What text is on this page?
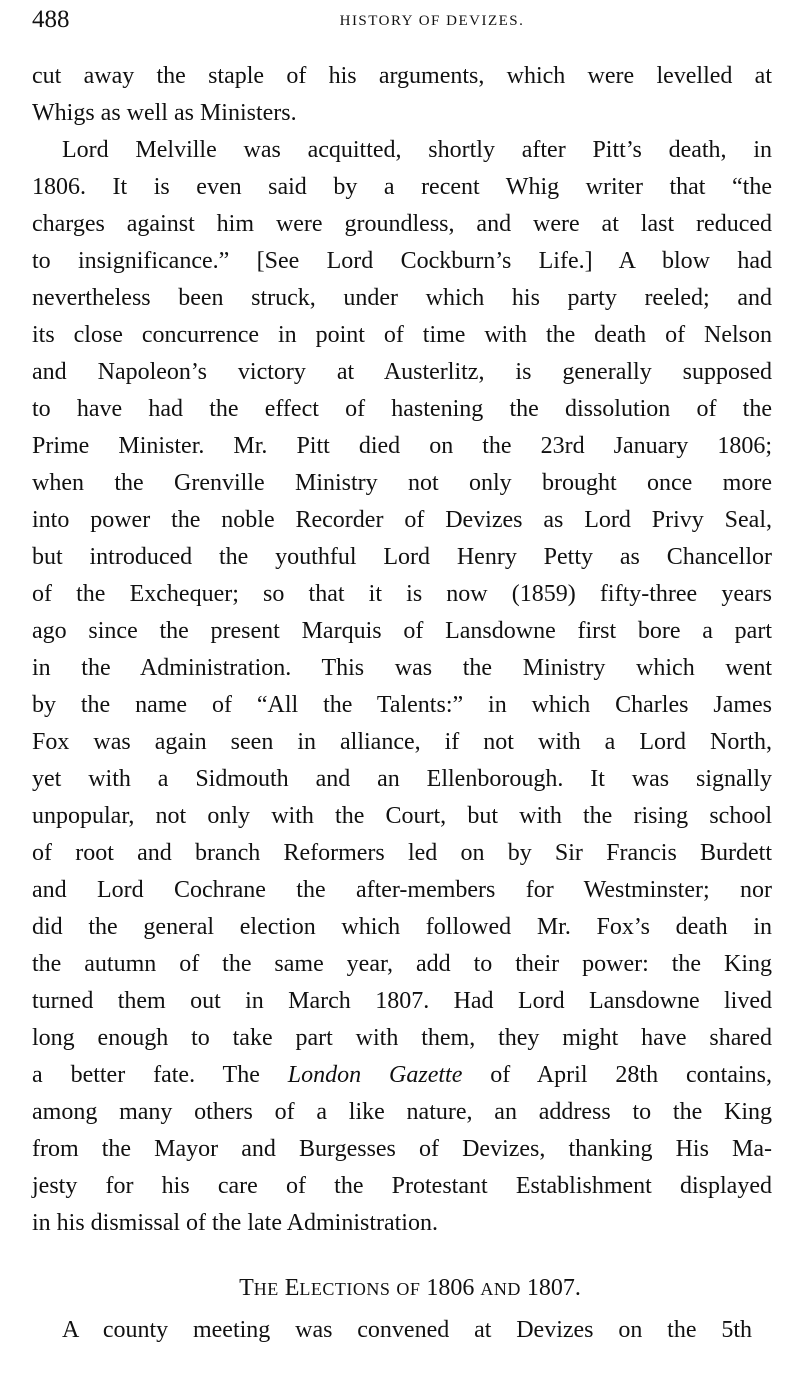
488	HISTORY OF DEVIZES.
cut away the staple of his arguments, which were levelled at
Whigs as well as Ministers.
Lord Melville was acquitted, shortly after Pitt’s death, in
1806. It is even said by a recent Whig writer that “the
charges against him were groundless, and were at last reduced
to insignificance.” [See Lord Cockburn’s Life.] A blow had
nevertheless been struck, under which his party reeled; and
its close concurrence in point of time with the death of Nelson
and Napoleon’s victory at Austerlitz, is generally supposed
to have had the effect of hastening the dissolution of the
Prime Minister. Mr. Pitt died on the 23rd January 1806;
when the Grenville Ministry not only brought once more
into power the noble Recorder of Devizes as Lord Privy Seal,
but introduced the youthful Lord Henry Petty as Chancellor
of the Exchequer; so that it is now (1859) fifty-three years
ago since the present Marquis of Lansdowne first bore a part
in the Administration. This was the Ministry which went
by the name of “All the Talents:” in which Charles James
Fox was again seen in alliance, if not with a Lord North,
yet with a Sidmouth and an Ellenborough. It was signally
unpopular, not only with the Court, but with the rising school
of root and branch Reformers led on by Sir Francis Burdett
and Lord Cochrane the after-members for Westminster; nor
did the general election which followed Mr. Fox’s death in
the autumn of the same year, add to their power: the King
turned them out in March 1807. Had Lord Lansdowne lived
long enough to take part with them, they might have shared
a better fate. The London Gazette of April 28th contains,
among many others of a like nature, an address to the King
from the Mayor and Burgesses of Devizes, thanking His Ma-
jesty for his care of the Protestant Establishment displayed
in his dismissal of the late Administration.
THE ELECTIONS OF 1806 AND 1807.
A county meeting was convened at Devizes on the 5th
